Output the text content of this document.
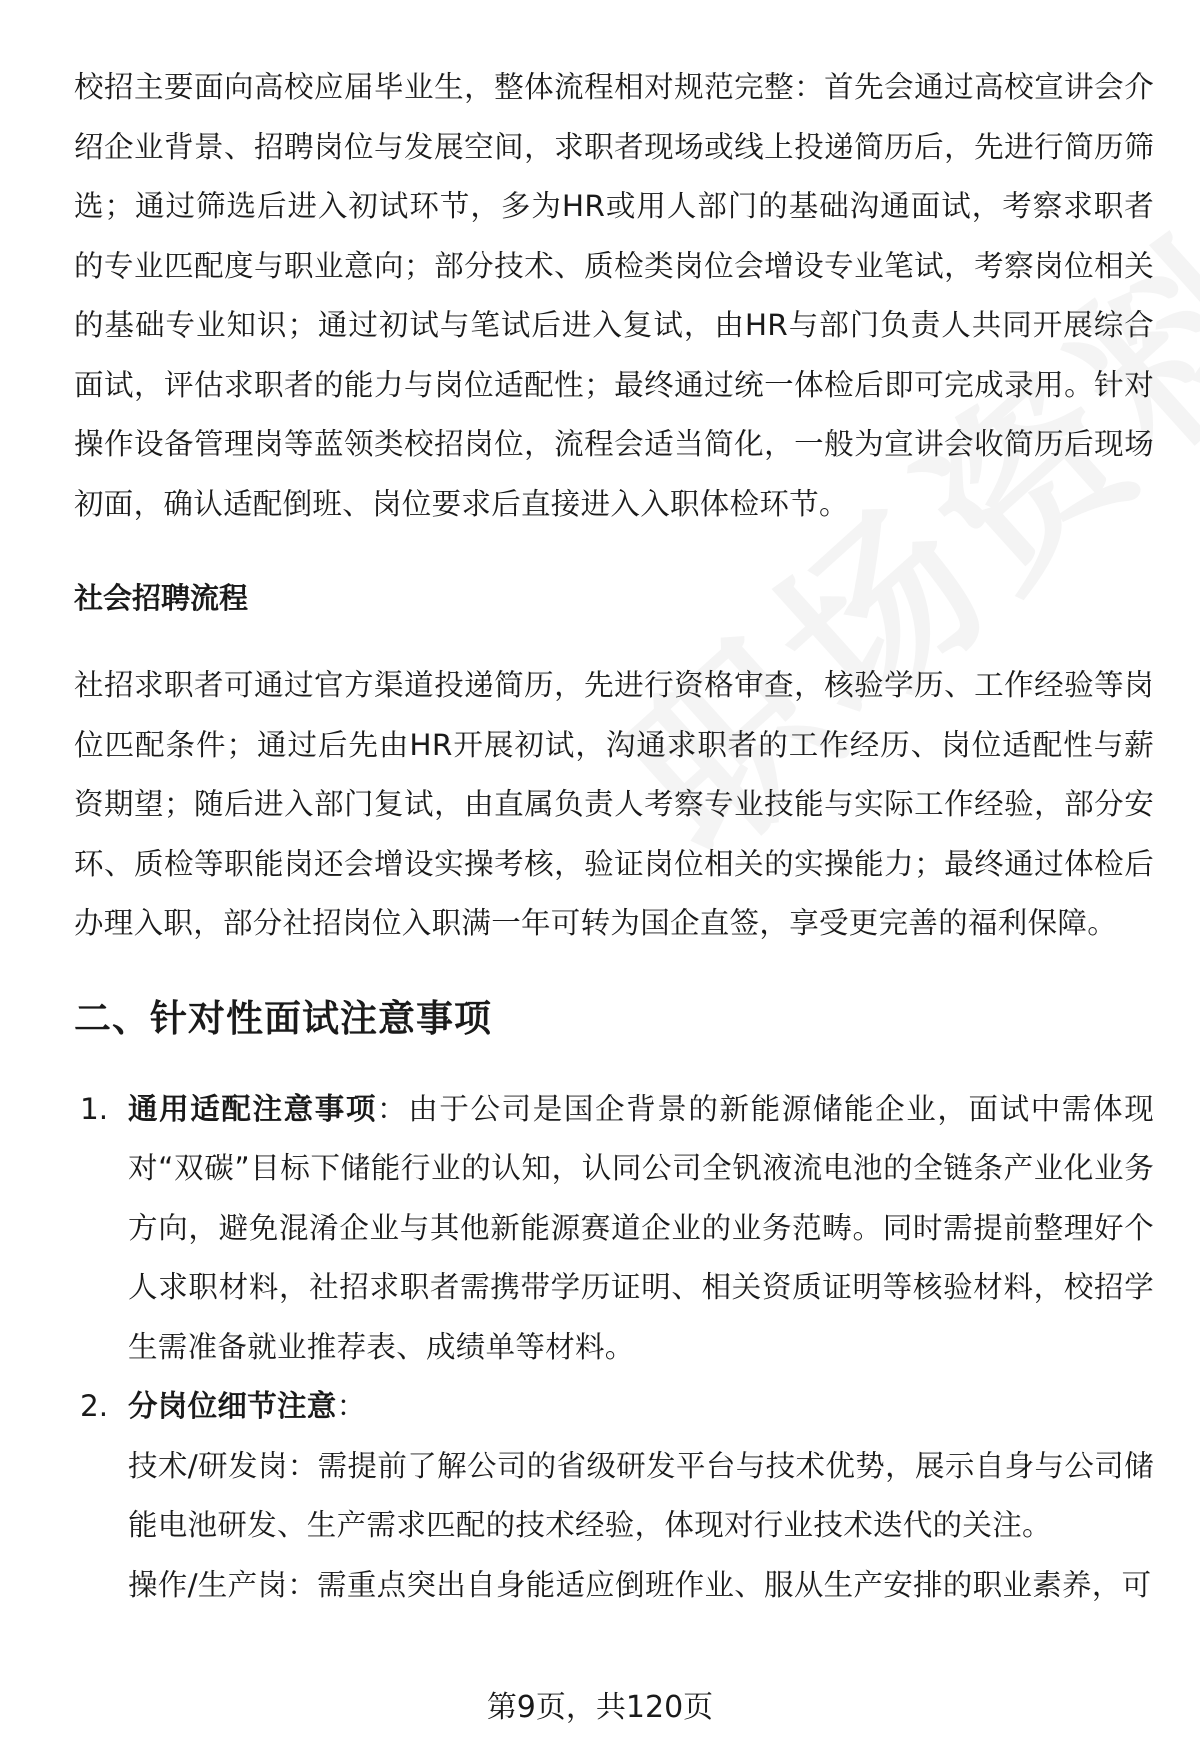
校招主要面向高校应届毕业生，整体流程相对规范完整：首先会通过高校宣讲会介绍企业背景、招聘岗位与发展空间，求职者现场或线上投递简历后，先进行简历筛选；通过筛选后进入初试环节，多为HR或用人部门的基础沟通面试，考察求职者的专业匹配度与职业意向；部分技术、质检类岗位会增设专业笔试，考察岗位相关的基础专业知识；通过初试与笔试后进入复试，由HR与部门负责人共同开展综合面试，评估求职者的能力与岗位适配性；最终通过统一体检后即可完成录用。针对操作设备管理岗等蓝领类校招岗位，流程会适当简化，一般为宣讲会收简历后现场初面，确认适配倒班、岗位要求后直接进入入职体检环节。

社会招聘流程

社招求职者可通过官方渠道投递简历，先进行资格审查，核验学历、工作经验等岗位匹配条件；通过后先由HR开展初试，沟通求职者的工作经历、岗位适配性与薪资期望；随后进入部门复试，由直属负责人考察专业技能与实际工作经验，部分安环、质检等职能岗还会增设实操考核，验证岗位相关的实操能力；最终通过体检后办理入职，部分社招岗位入职满一年可转为国企直签，享受更完善的福利保障。

二、针对性面试注意事项
1. 通用适配注意事项：由于公司是国企背景的新能源储能企业，面试中需体现对“双碳”目标下储能行业的认知，认同公司全钒液流电池的全链条产业化业务方向，避免混淆企业与其他新能源赛道企业的业务范畴。同时需提前整理好个人求职材料，社招求职者需携带学历证明、相关资质证明等核验材料，校招学生需准备就业推荐表、成绩单等材料。

2. 分岗位细节注意：

技术/研发岗：需提前了解公司的省级研发平台与技术优势，展示自身与公司储能电池研发、生产需求匹配的技术经验，体现对行业技术迭代的关注。

操作/生产岗：需重点突出自身能适应倒班作业、服从生产安排的职业素养，可

第9页，共120页
